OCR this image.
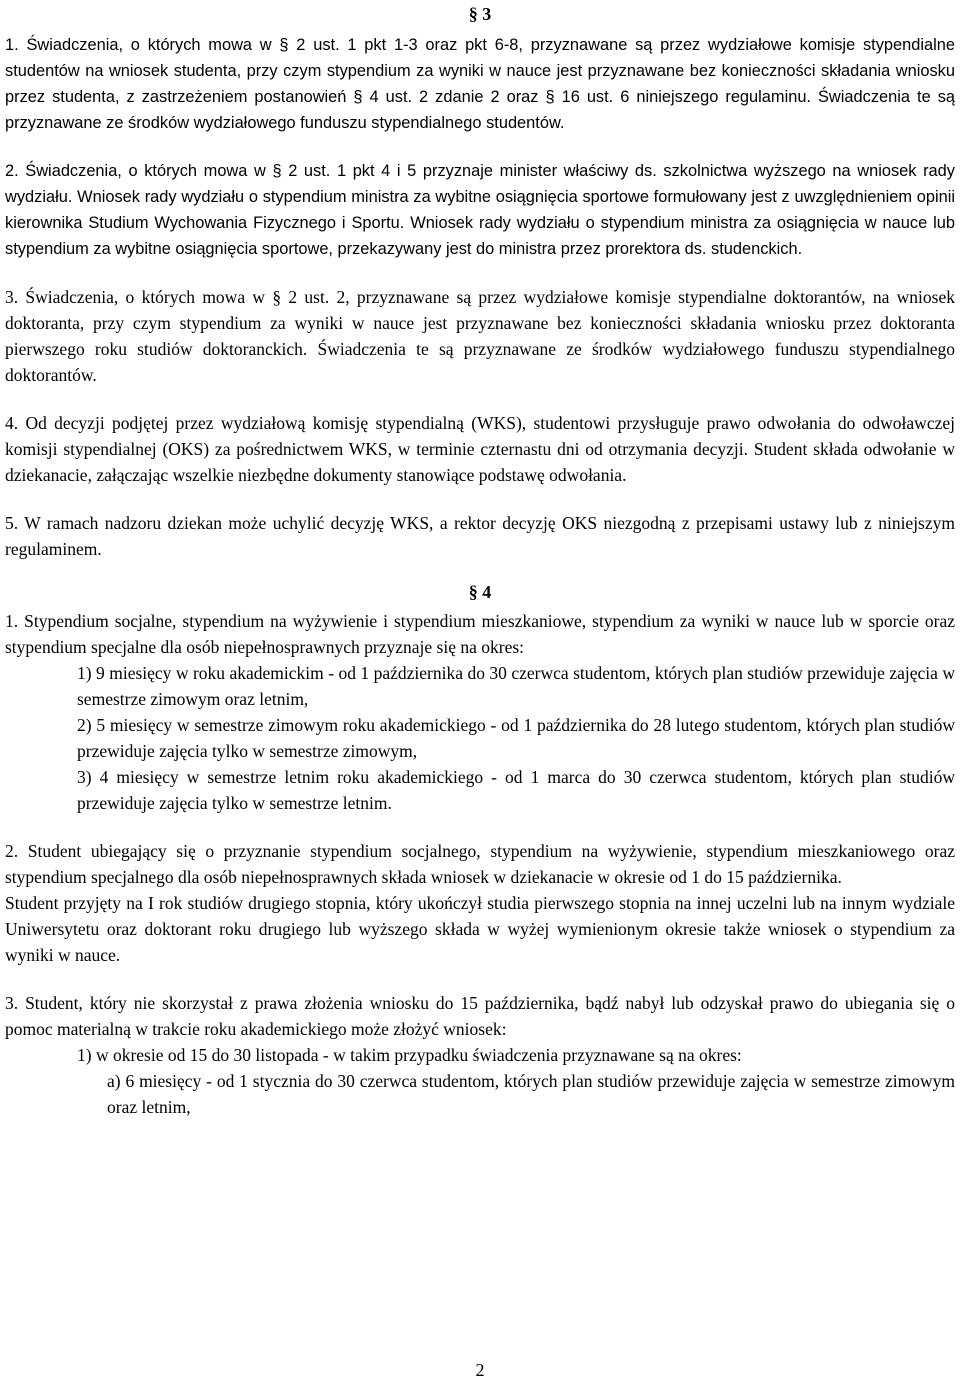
§ 3

1. Świadczenia, o których mowa w § 2 ust. 1 pkt 1-3 oraz pkt 6-8, przyznawane są przez wydziałowe komisje stypendialne studentów na wniosek studenta, przy czym stypendium za wyniki w nauce jest przyznawane bez konieczności składania wniosku przez studenta, z zastrzeżeniem postanowień § 4 ust. 2 zdanie 2 oraz § 16 ust. 6 niniejszego regulaminu. Świadczenia te są przyznawane ze środków wydziałowego funduszu stypendialnego studentów.

2. Świadczenia, o których mowa w § 2 ust. 1 pkt 4 i 5 przyznaje minister właściwy ds. szkolnictwa wyższego na wniosek rady wydziału. Wniosek rady wydziału o stypendium ministra za wybitne osiągnięcia sportowe formułowany jest z uwzględnieniem opinii kierownika Studium Wychowania Fizycznego i Sportu. Wniosek rady wydziału o stypendium ministra za osiągnięcia w nauce lub stypendium za wybitne osiągnięcia sportowe, przekazywany jest do ministra przez prorektora ds. studenckich.

3. Świadczenia, o których mowa w § 2 ust. 2, przyznawane są przez wydziałowe komisje stypendialne doktorantów, na wniosek doktoranta, przy czym stypendium za wyniki w nauce jest przyznawane bez konieczności składania wniosku przez doktoranta pierwszego roku studiów doktoranckich. Świadczenia te są przyznawane ze środków wydziałowego funduszu stypendialnego doktorantów.

4. Od decyzji podjętej przez wydziałową komisję stypendialną (WKS), studentowi przysługuje prawo odwołania do odwoławczej komisji stypendialnej (OKS) za pośrednictwem WKS, w terminie czternastu dni od otrzymania decyzji. Student składa odwołanie w dziekanacie, załączając wszelkie niezbędne dokumenty stanowiące podstawę odwołania.

5. W ramach nadzoru dziekan może uchylić decyzję WKS, a rektor decyzję OKS niezgodną z przepisami ustawy lub z niniejszym regulaminem.

§ 4

1. Stypendium socjalne, stypendium na wyżywienie i stypendium mieszkaniowe, stypendium za wyniki w nauce lub w sporcie oraz stypendium specjalne dla osób niepełnosprawnych przyznaje się na okres:

1) 9 miesięcy w roku akademickim - od 1 października do 30 czerwca studentom, których plan studiów przewiduje zajęcia w semestrze zimowym oraz letnim,

2) 5 miesięcy w semestrze zimowym roku akademickiego - od 1 października do 28 lutego studentom, których plan studiów przewiduje zajęcia tylko w semestrze zimowym,

3) 4 miesięcy w semestrze letnim roku akademickiego - od 1 marca do 30 czerwca studentom, których plan studiów przewiduje zajęcia tylko w semestrze letnim.

2. Student ubiegający się o przyznanie stypendium socjalnego, stypendium na wyżywienie, stypendium mieszkaniowego oraz stypendium specjalnego dla osób niepełnosprawnych składa wniosek w dziekanacie w okresie od 1 do 15 października.

Student przyjęty na I rok studiów drugiego stopnia, który ukończył studia pierwszego stopnia na innej uczelni lub na innym wydziale Uniwersytetu oraz doktorant roku drugiego lub wyższego składa w wyżej wymienionym okresie także wniosek o stypendium za wyniki w nauce.

3. Student, który nie skorzystał z prawa złożenia wniosku do 15 października, bądź nabył lub odzyskał prawo do ubiegania się o pomoc materialną w trakcie roku akademickiego może złożyć wniosek:

1) w okresie od 15 do 30 listopada - w takim przypadku świadczenia przyznawane są na okres:

a) 6 miesięcy - od 1 stycznia do 30 czerwca studentom, których plan studiów przewiduje zajęcia w semestrze zimowym oraz letnim,

2
